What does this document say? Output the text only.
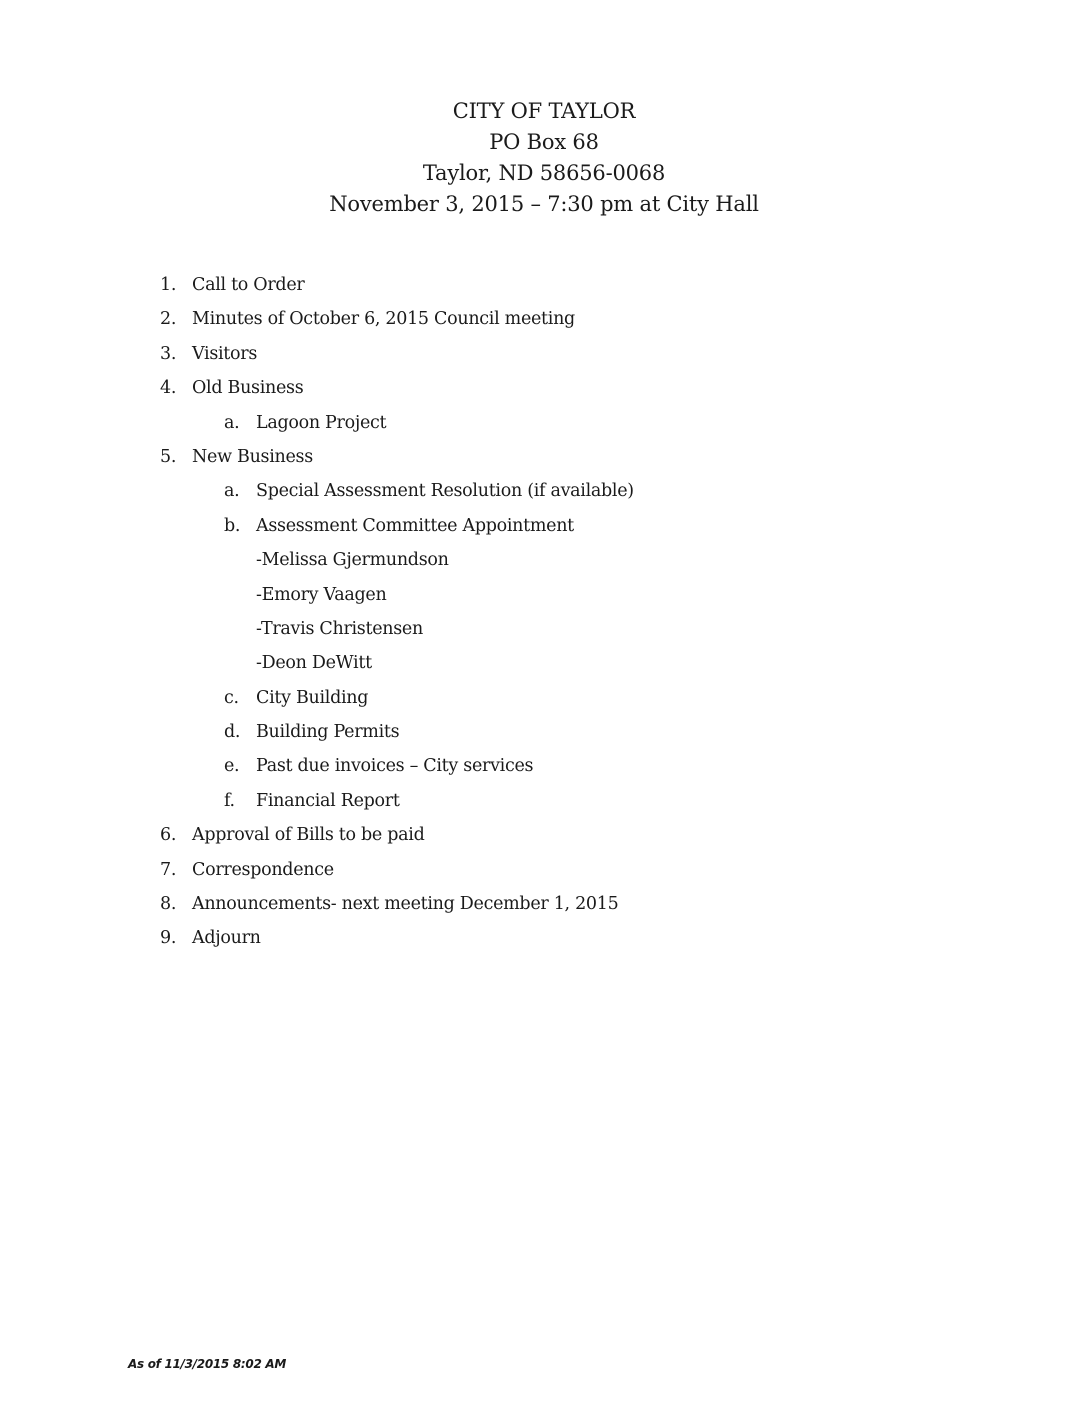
CITY OF TAYLOR
PO Box 68
Taylor, ND 58656-0068
November 3, 2015 – 7:30 pm at City Hall
1. Call to Order
2. Minutes of October 6, 2015 Council meeting
3. Visitors
4. Old Business
a. Lagoon Project
5. New Business
a. Special Assessment Resolution (if available)
b. Assessment Committee Appointment
-Melissa Gjermundson
-Emory Vaagen
-Travis Christensen
-Deon DeWitt
c. City Building
d. Building Permits
e. Past due invoices – City services
f. Financial Report
6. Approval of Bills to be paid
7. Correspondence
8. Announcements- next meeting December 1, 2015
9. Adjourn
As of 11/3/2015 8:02 AM
